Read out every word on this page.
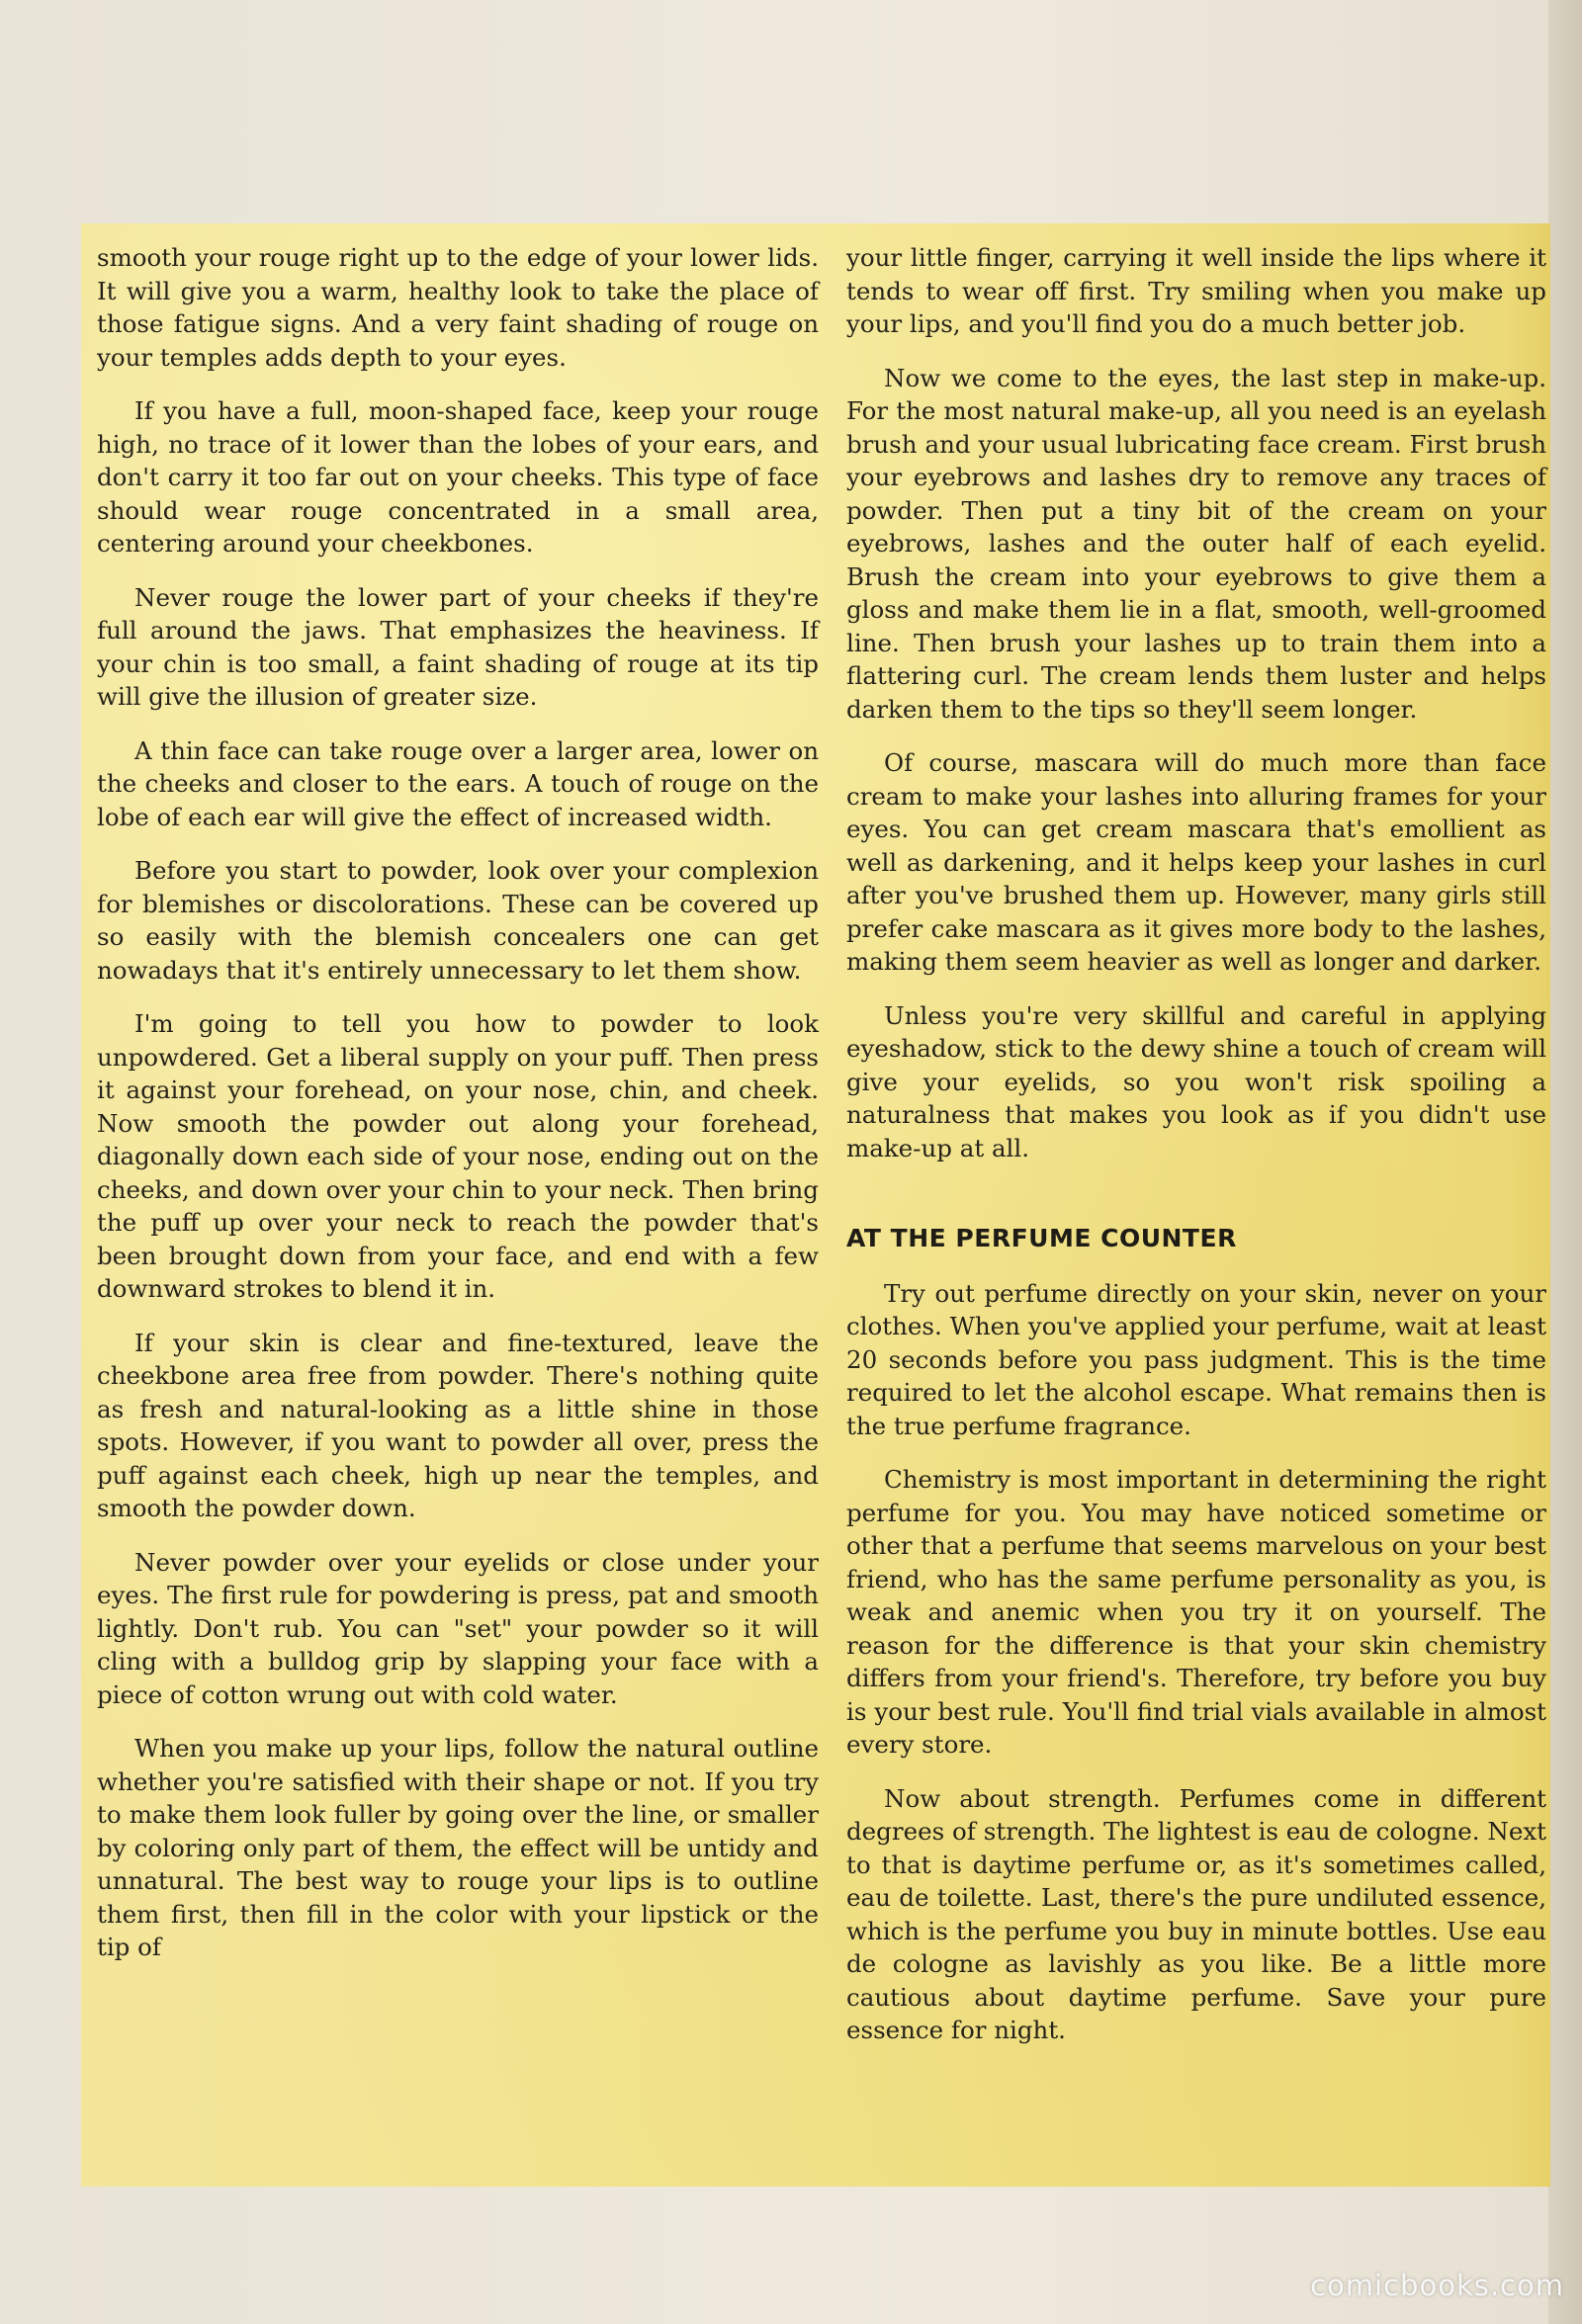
smooth your rouge right up to the edge of your lower lids. It will give you a warm, healthy look to take the place of those fatigue signs. And a very faint shading of rouge on your temples adds depth to your eyes.

If you have a full, moon-shaped face, keep your rouge high, no trace of it lower than the lobes of your ears, and don't carry it too far out on your cheeks. This type of face should wear rouge concentrated in a small area, centering around your cheekbones.

Never rouge the lower part of your cheeks if they're full around the jaws. That emphasizes the heaviness. If your chin is too small, a faint shading of rouge at its tip will give the illusion of greater size.

A thin face can take rouge over a larger area, lower on the cheeks and closer to the ears. A touch of rouge on the lobe of each ear will give the effect of increased width.

Before you start to powder, look over your complexion for blemishes or discolorations. These can be covered up so easily with the blemish concealers one can get nowadays that it's entirely unnecessary to let them show.

I'm going to tell you how to powder to look unpowdered. Get a liberal supply on your puff. Then press it against your forehead, on your nose, chin, and cheek. Now smooth the powder out along your forehead, diagonally down each side of your nose, ending out on the cheeks, and down over your chin to your neck. Then bring the puff up over your neck to reach the powder that's been brought down from your face, and end with a few downward strokes to blend it in.

If your skin is clear and fine-textured, leave the cheekbone area free from powder. There's nothing quite as fresh and natural-looking as a little shine in those spots. However, if you want to powder all over, press the puff against each cheek, high up near the temples, and smooth the powder down.

Never powder over your eyelids or close under your eyes. The first rule for powdering is press, pat and smooth lightly. Don't rub. You can "set" your powder so it will cling with a bulldog grip by slapping your face with a piece of cotton wrung out with cold water.

When you make up your lips, follow the natural outline whether you're satisfied with their shape or not. If you try to make them look fuller by going over the line, or smaller by coloring only part of them, the effect will be untidy and unnatural. The best way to rouge your lips is to outline them first, then fill in the color with your lipstick or the tip of

your little finger, carrying it well inside the lips where it tends to wear off first. Try smiling when you make up your lips, and you'll find you do a much better job.

Now we come to the eyes, the last step in make-up. For the most natural make-up, all you need is an eyelash brush and your usual lubricating face cream. First brush your eyebrows and lashes dry to remove any traces of powder. Then put a tiny bit of the cream on your eyebrows, lashes and the outer half of each eyelid. Brush the cream into your eyebrows to give them a gloss and make them lie in a flat, smooth, well-groomed line. Then brush your lashes up to train them into a flattering curl. The cream lends them luster and helps darken them to the tips so they'll seem longer.

Of course, mascara will do much more than face cream to make your lashes into alluring frames for your eyes. You can get cream mascara that's emollient as well as darkening, and it helps keep your lashes in curl after you've brushed them up. However, many girls still prefer cake mascara as it gives more body to the lashes, making them seem heavier as well as longer and darker.

Unless you're very skillful and careful in applying eyeshadow, stick to the dewy shine a touch of cream will give your eyelids, so you won't risk spoiling a naturalness that makes you look as if you didn't use make-up at all.

AT THE PERFUME COUNTER

Try out perfume directly on your skin, never on your clothes. When you've applied your perfume, wait at least 20 seconds before you pass judgment. This is the time required to let the alcohol escape. What remains then is the true perfume fragrance.

Chemistry is most important in determining the right perfume for you. You may have noticed sometime or other that a perfume that seems marvelous on your best friend, who has the same perfume personality as you, is weak and anemic when you try it on yourself. The reason for the difference is that your skin chemistry differs from your friend's. Therefore, try before you buy is your best rule. You'll find trial vials available in almost every store.

Now about strength. Perfumes come in different degrees of strength. The lightest is eau de cologne. Next to that is daytime perfume or, as it's sometimes called, eau de toilette. Last, there's the pure undiluted essence, which is the perfume you buy in minute bottles. Use eau de cologne as lavishly as you like. Be a little more cautious about daytime perfume. Save your pure essence for night.

comicbooks.com
